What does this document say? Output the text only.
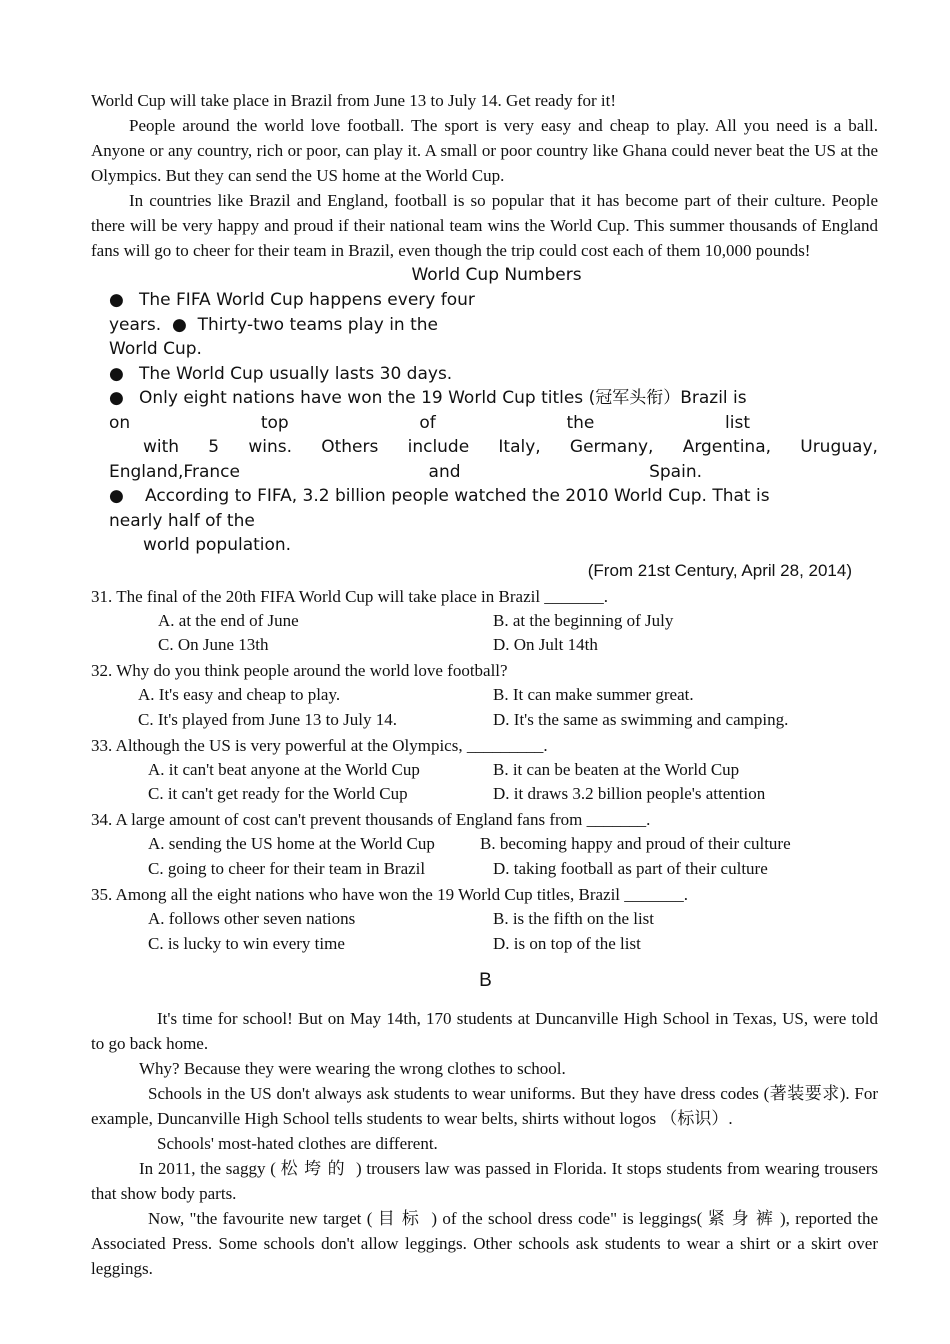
World Cup will take place in Brazil from June 13 to July 14. Get ready for it!

People around the world love football. The sport is very easy and cheap to play. All you need is a ball. Anyone or any country, rich or poor, can play it. A small or poor country like Ghana could never beat the US at the Olympics. But they can send the US home at the World Cup.

In countries like Brazil and England, football is so popular that it has become part of their culture. People there will be very happy and proud if their national team wins the World Cup. This summer thousands of England fans will go to cheer for their team in Brazil, even though the trip could cost each of them 10,000 pounds!

World Cup Numbers
● The FIFA World Cup happens every four
years.  ●  Thirty-two teams play in the
World Cup.
● The World Cup usually lasts 30 days.
● Only eight nations have won the 19 World Cup titles (冠军头衔）Brazil is
on	top	of	the	list
with 5 wins. Others include Italy, Germany, Argentina, Uruguay,
England,France	and	Spain.
● According to FIFA, 3.2 billion people watched the 2010 World Cup. That is
nearly half of the
world population.
(From 21st Century, April 28, 2014)

31. The final of the 20th FIFA World Cup will take place in Brazil _______.

A. at the end of June	B. at the beginning of July
C. On June 13th	D. On Jult 14th

32. Why do you think people around the world love football?

A. It's easy and cheap to play.	B. It can make summer great.
C. It's played from June 13 to July 14.	D. It's the same as swimming and camping.

33. Although the US is very powerful at the Olympics, _________.

A. it can't beat anyone at the World Cup	B. it can be beaten at the World Cup
C. it can't get ready for the World Cup	D. it draws 3.2 billion people's attention

34. A large amount of cost can't prevent thousands of England fans from _______.

A. sending the US home at the World Cup	B. becoming happy and proud of their culture
C. going to cheer for their team in Brazil	D. taking football as part of their culture

35. Among all the eight nations who have won the 19 World Cup titles, Brazil _______.

A. follows other seven nations	B. is the fifth on the list
C. is lucky to win every time	D. is on top of the list
B

It's time for school! But on May 14th, 170 students at Duncanville High School in Texas, US, were told to go back home.

Why? Because they were wearing the wrong clothes to school.

Schools in the US don't always ask students to wear uniforms. But they have dress codes (著装要求). For example, Duncanville High School tells students to wear belts, shirts without logos （标识）.

Schools' most-hated clothes are different.

In 2011, the saggy ( 松垮的 ) trousers law was passed in Florida. It stops students from wearing trousers that show body parts.

Now, "the favourite new target ( 目标 ) of the school dress code" is leggings( 紧身裤), reported the Associated Press. Some schools don't allow leggings. Other schools ask students to wear a shirt or a skirt over leggings.
